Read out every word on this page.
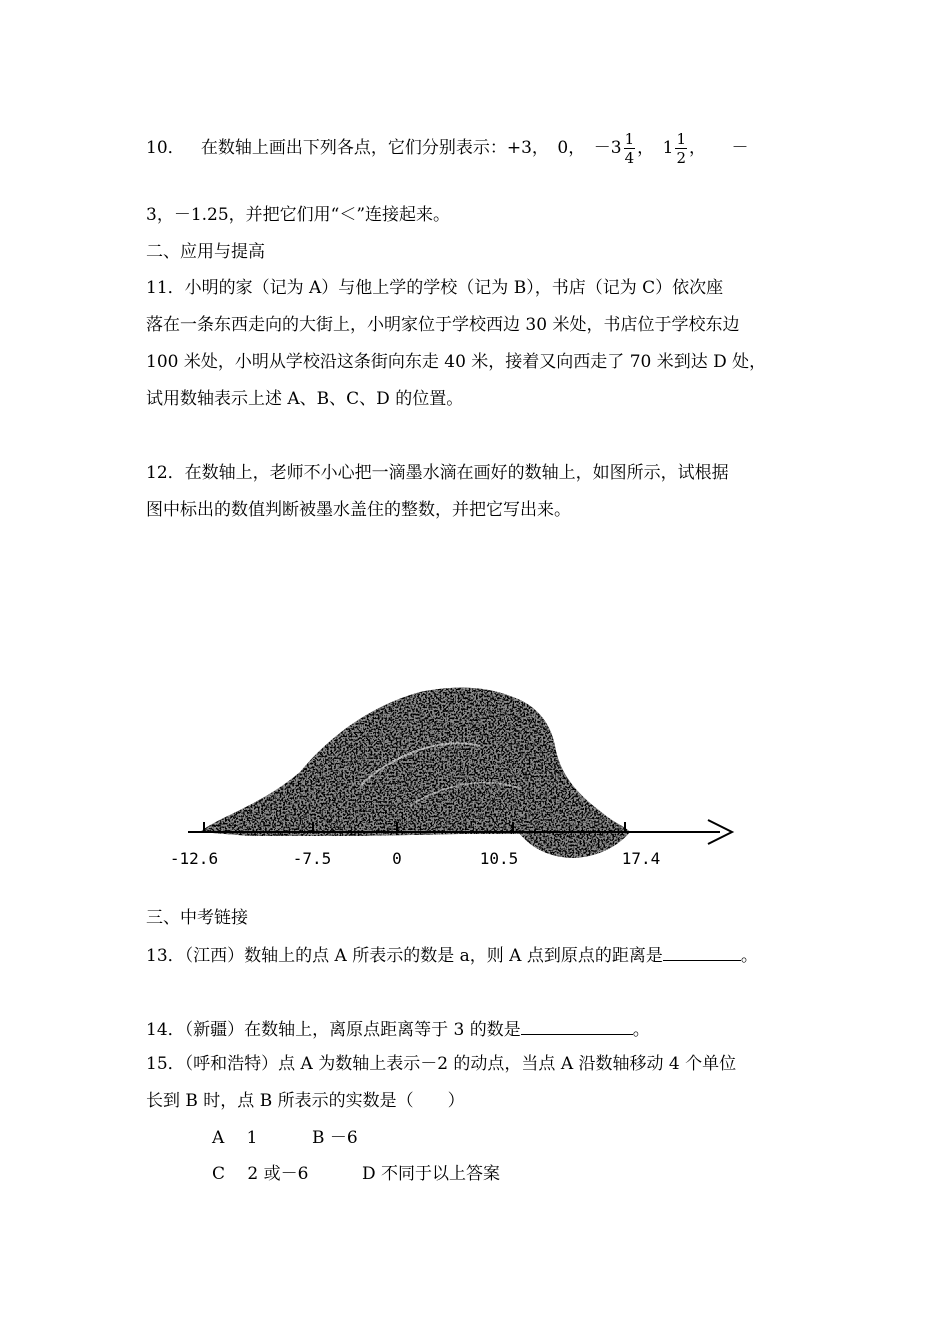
10． 在数轴上画出下列各点，它们分别表示：+3，　0，　$-3 \frac{1}{4}$ ，　$1 \frac{1}{2}$ ，　　－
3，－1.25，并把它们用“＜”连接起来。
二、应用与提高
11．小明的家（记为 A）与他上学的学校（记为 B），书店（记为 C）依次座
落在一条东西走向的大街上，小明家位于学校西边 30 米处，书店位于学校东边
100 米处，小明从学校沿这条街向东走 40 米，接着又向西走了 70 米到达 D 处，
试用数轴表示上述 A、B、C、D 的位置。
12．在数轴上，老师不小心把一滴墨水滴在画好的数轴上，如图所示，试根据
图中标出的数值判断被墨水盖住的整数，并把它写出来。
-12.6	-7.5	0	10.5	17.4
三、中考链接
13．（江西）数轴上的点 A 所表示的数是 a，则 A 点到原点的距离是	。
14．（新疆）在数轴上，离原点距离等于 3 的数是	。
15．（呼和浩特）点 A 为数轴上表示－2 的动点，当点 A 沿数轴移动 4 个单位
长到 B 时，点 B 所表示的实数是（　　）
A　 1	B －6
C　 2 或－6	D 不同于以上答案
